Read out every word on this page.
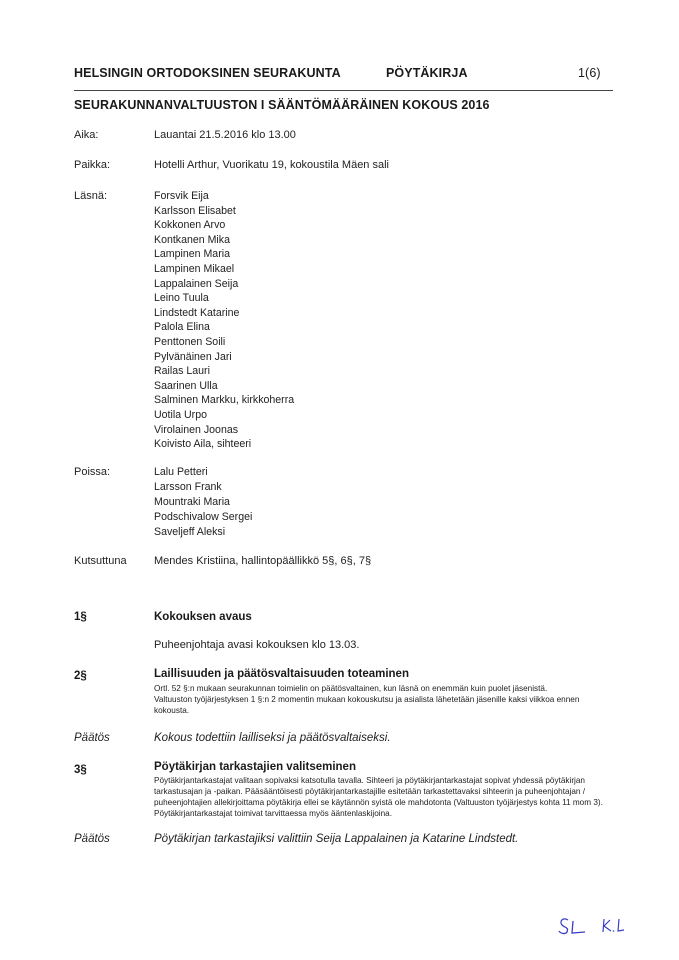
HELSINGIN ORTODOKSINEN SEURAKUNTA	PÖYTÄKIRJA	1(6)
SEURAKUNNANVALTUUSTON I SÄÄNTÖMÄÄRÄINEN KOKOUS 2016
Aika:	Lauantai 21.5.2016 klo 13.00
Paikka:	Hotelli Arthur, Vuorikatu 19, kokoustila Mäen sali
Läsnä:	Forsvik Eija
Karlsson Elisabet
Kokkonen Arvo
Kontkanen Mika
Lampinen Maria
Lampinen Mikael
Lappalainen Seija
Leino Tuula
Lindstedt Katarine
Palola Elina
Penttonen Soili
Pylvänäinen Jari
Railas Lauri
Saarinen Ulla
Salminen Markku, kirkkoherra
Uotila Urpo
Virolainen Joonas
Koivisto Aila, sihteeri
Poissa:	Lalu Petteri
Larsson Frank
Mountraki Maria
Podschivalow Sergei
Saveljeff Aleksi
Kutsuttuna Mendes Kristiina, hallintopäällikkö 5§, 6§, 7§
1§	Kokouksen avaus
Puheenjohtaja avasi kokouksen klo 13.03.
2§	Laillisuuden ja päätösvaltaisuuden toteaminen
Ortl. 52 §:n mukaan seurakunnan toimielin on päätösvaltainen, kun läsnä on enemmän kuin puolet jäsenistä.
Valtuuston työjärjestyksen 1 §:n 2 momentin mukaan kokouskutsu ja asialista lähetetään jäsenille kaksi viikkoa ennen
kokousta.
Päätös	Kokous todettiin lailliseksi ja päätösvaltaiseksi.
3§	Pöytäkirjan tarkastajien valitseminen
Pöytäkirjantarkastajat valitaan sopivaksi katsotulla tavalla. Sihteeri ja pöytäkirjantarkastajat sopivat yhdessä pöytäkirjan
tarkastusajan ja -paikan. Pääsääntöisesti pöytäkirjantarkastajille esitetään tarkastettavaksi sihteerin ja puheenjohtajan /
puheenjohtajien allekirjoittama pöytäkirja ellei se käytännön syistä ole mahdotonta (Valtuuston työjärjestys kohta 11 mom 3).
Pöytäkirjantarkastajat toimivat tarvittaessa myös ääntenlaskijoina.
Päätös	Pöytäkirjan tarkastajiksi valittiin Seija Lappalainen ja Katarine Lindstedt.
